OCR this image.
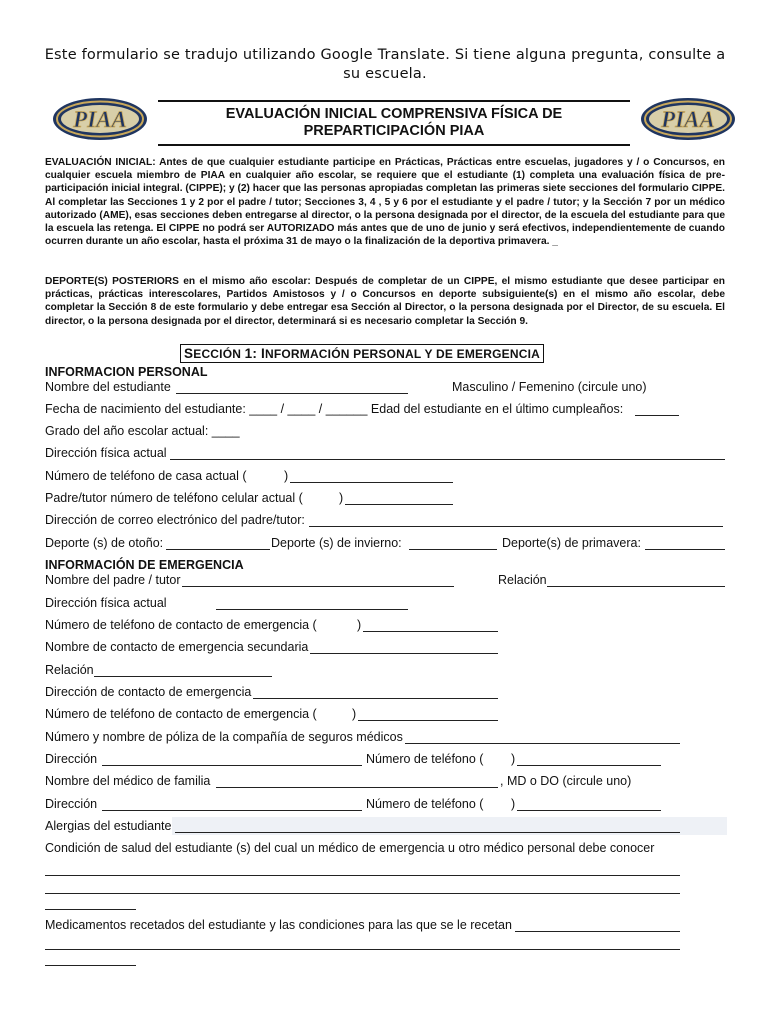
Este formulario se tradujo utilizando Google Translate. Si tiene alguna pregunta, consulte a su escuela.
PIAA	PIAA
EVALUACIÓN INICIAL COMPRENSIVA FÍSICA DE
PREPARTICIPACIÓN PIAA
EVALUACIÓN INICIAL: Antes de que cualquier estudiante participe en Prácticas, Prácticas entre escuelas, jugadores y / o Concursos, en cualquier escuela miembro de PIAA en cualquier año escolar, se requiere que el estudiante (1) completa una evaluación física de pre-participación inicial integral. (CIPPE); y (2) hacer que las personas apropiadas completan las primeras siete secciones del formulario CIPPE. Al completar las Secciones 1 y 2 por el padre / tutor; Secciones 3, 4 , 5 y 6 por el estudiante y el padre / tutor; y la Sección 7 por un médico autorizado (AME), esas secciones deben entregarse al director, o la persona designada por el director, de la escuela del estudiante para que la escuela las retenga. El CIPPE no podrá ser AUTORIZADO más antes que de uno de junio y será efectivos, independientemente de cuando ocurren durante un año escolar, hasta el próxima 31 de mayo o la finalización de la deportiva primavera. _
DEPORTE(S) POSTERIORS en el mismo año escolar: Después de completar de un CIPPE, el mismo estudiante que desee participar en prácticas, prácticas interescolares, Partidos Amistosos y / o Concursos en deporte subsiguiente(s) en el mismo año escolar, debe completar la Sección 8 de este formulario y debe entregar esa Sección al Director, o la persona designada por el Director, de su escuela. El director, o la persona designada por el director, determinará si es necesario completar la Sección 9.
SECCIÓN 1: INFORMACIÓN PERSONAL Y DE EMERGENCIA
INFORMACION PERSONAL
Nombre del estudiante	Masculino / Femenino (circule uno)
Fecha de nacimiento del estudiante: ____ / ____ / ______ Edad del estudiante en el último cumpleaños:
Grado del año escolar actual: ____
Dirección física actual
Número de teléfono de casa actual (	)
Padre/tutor número de teléfono celular actual (	)
Dirección de correo electrónico del padre/tutor:
Deporte (s) de otoño:	Deporte (s) de invierno:	Deporte(s) de primavera:
INFORMACIÓN DE EMERGENCIA
Nombre del padre / tutor	Relación
Dirección física actual
Número de teléfono de contacto de emergencia (	)
Nombre de contacto de emergencia secundaria
Relación
Dirección de contacto de emergencia
Número de teléfono de contacto de emergencia (	)
Número y nombre de póliza de la compañía de seguros médicos
Dirección	Número de teléfono ( )
Nombre del médico de familia	, MD o DO (circule uno)
Dirección	Número de teléfono ( )
Alergias del estudiante
Condición de salud del estudiante (s) del cual un médico de emergencia u otro médico personal debe conocer
Medicamentos recetados del estudiante y las condiciones para las que se le recetan
